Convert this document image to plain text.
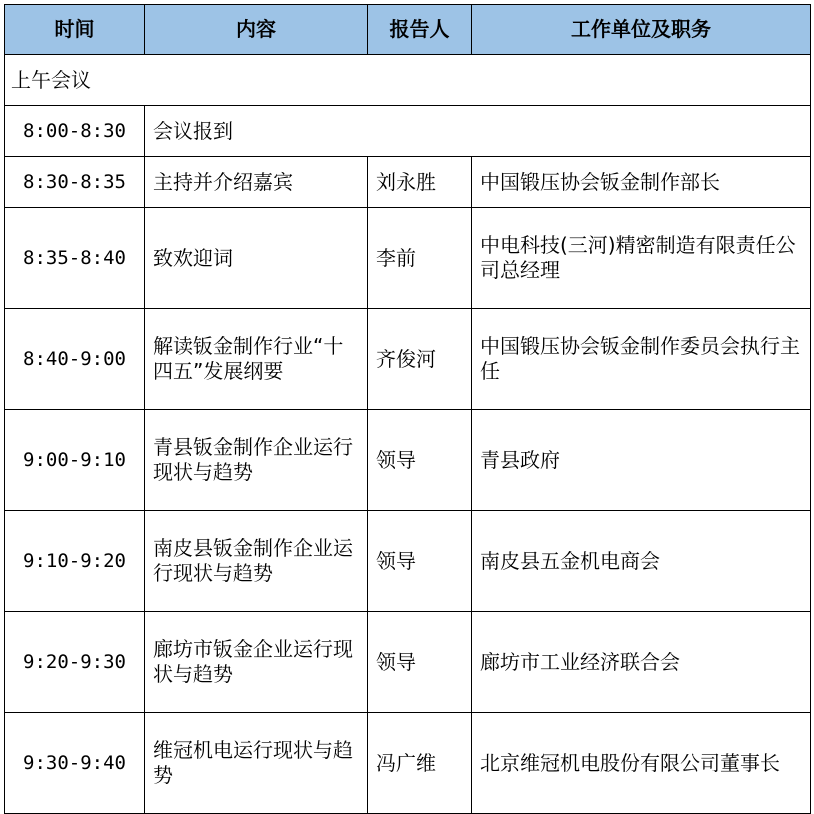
时间	内容	报告人	工作单位及职务
上午会议			
8:00-8:30	会议报到		
8:30-8:35	主持并介绍嘉宾	刘永胜	中国锻压协会钣金制作部长
8:35-8:40	致欢迎词	李前	中电科技(三河)精密制造有限责任公司总经理
8:40-9:00	解读钣金制作行业“十四五”发展纲要	齐俊河	中国锻压协会钣金制作委员会执行主任
9:00-9:10	青县钣金制作企业运行现状与趋势	领导	青县政府
9:10-9:20	南皮县钣金制作企业运行现状与趋势	领导	南皮县五金机电商会
9:20-9:30	廊坊市钣金企业运行现状与趋势	领导	廊坊市工业经济联合会
9:30-9:40	维冠机电运行现状与趋势	冯广维	北京维冠机电股份有限公司董事长
